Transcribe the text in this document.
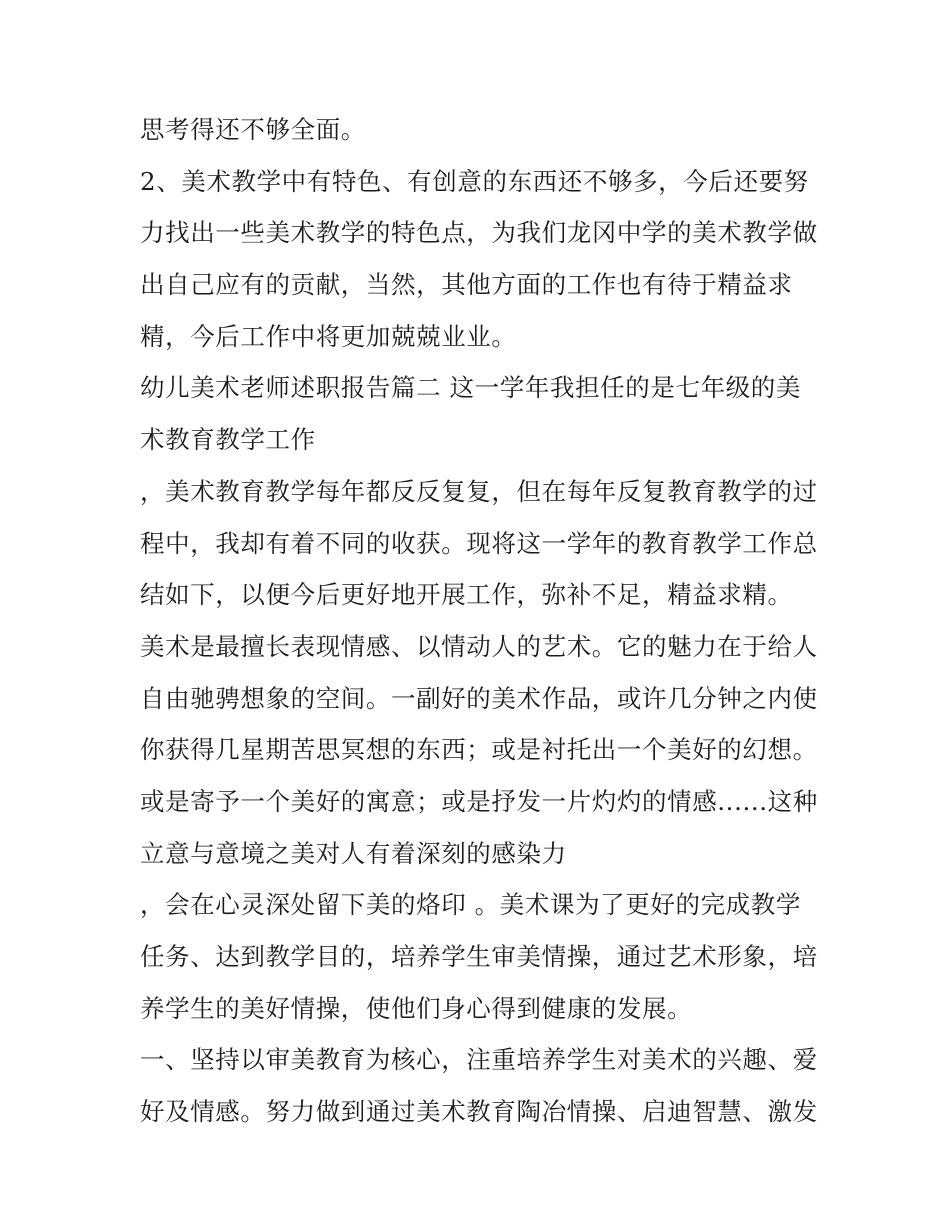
思考得还不够全面。
2、美术教学中有特色、有创意的东西还不够多，今后还要努
力找出一些美术教学的特色点，为我们龙冈中学的美术教学做
出自己应有的贡献，当然，其他方面的工作也有待于精益求
精，今后工作中将更加兢兢业业。
幼儿美术老师述职报告篇二 这一学年我担任的是七年级的美
术教育教学工作
，美术教育教学每年都反反复复，但在每年反复教育教学的过
程中，我却有着不同的收获。现将这一学年的教育教学工作总
结如下，以便今后更好地开展工作，弥补不足，精益求精。
美术是最擅长表现情感、以情动人的艺术。它的魅力在于给人
自由驰骋想象的空间。一副好的美术作品，或许几分钟之内使
你获得几星期苦思冥想的东西；或是衬托出一个美好的幻想。
或是寄予一个美好的寓意；或是抒发一片灼灼的情感......这种
立意与意境之美对人有着深刻的感染力
，会在心灵深处留下美的烙印 。美术课为了更好的完成教学
任务、达到教学目的，培养学生审美情操，通过艺术形象，培
养学生的美好情操，使他们身心得到健康的发展。
一、坚持以审美教育为核心，注重培养学生对美术的兴趣、爱
好及情感。努力做到通过美术教育陶冶情操、启迪智慧、激发
